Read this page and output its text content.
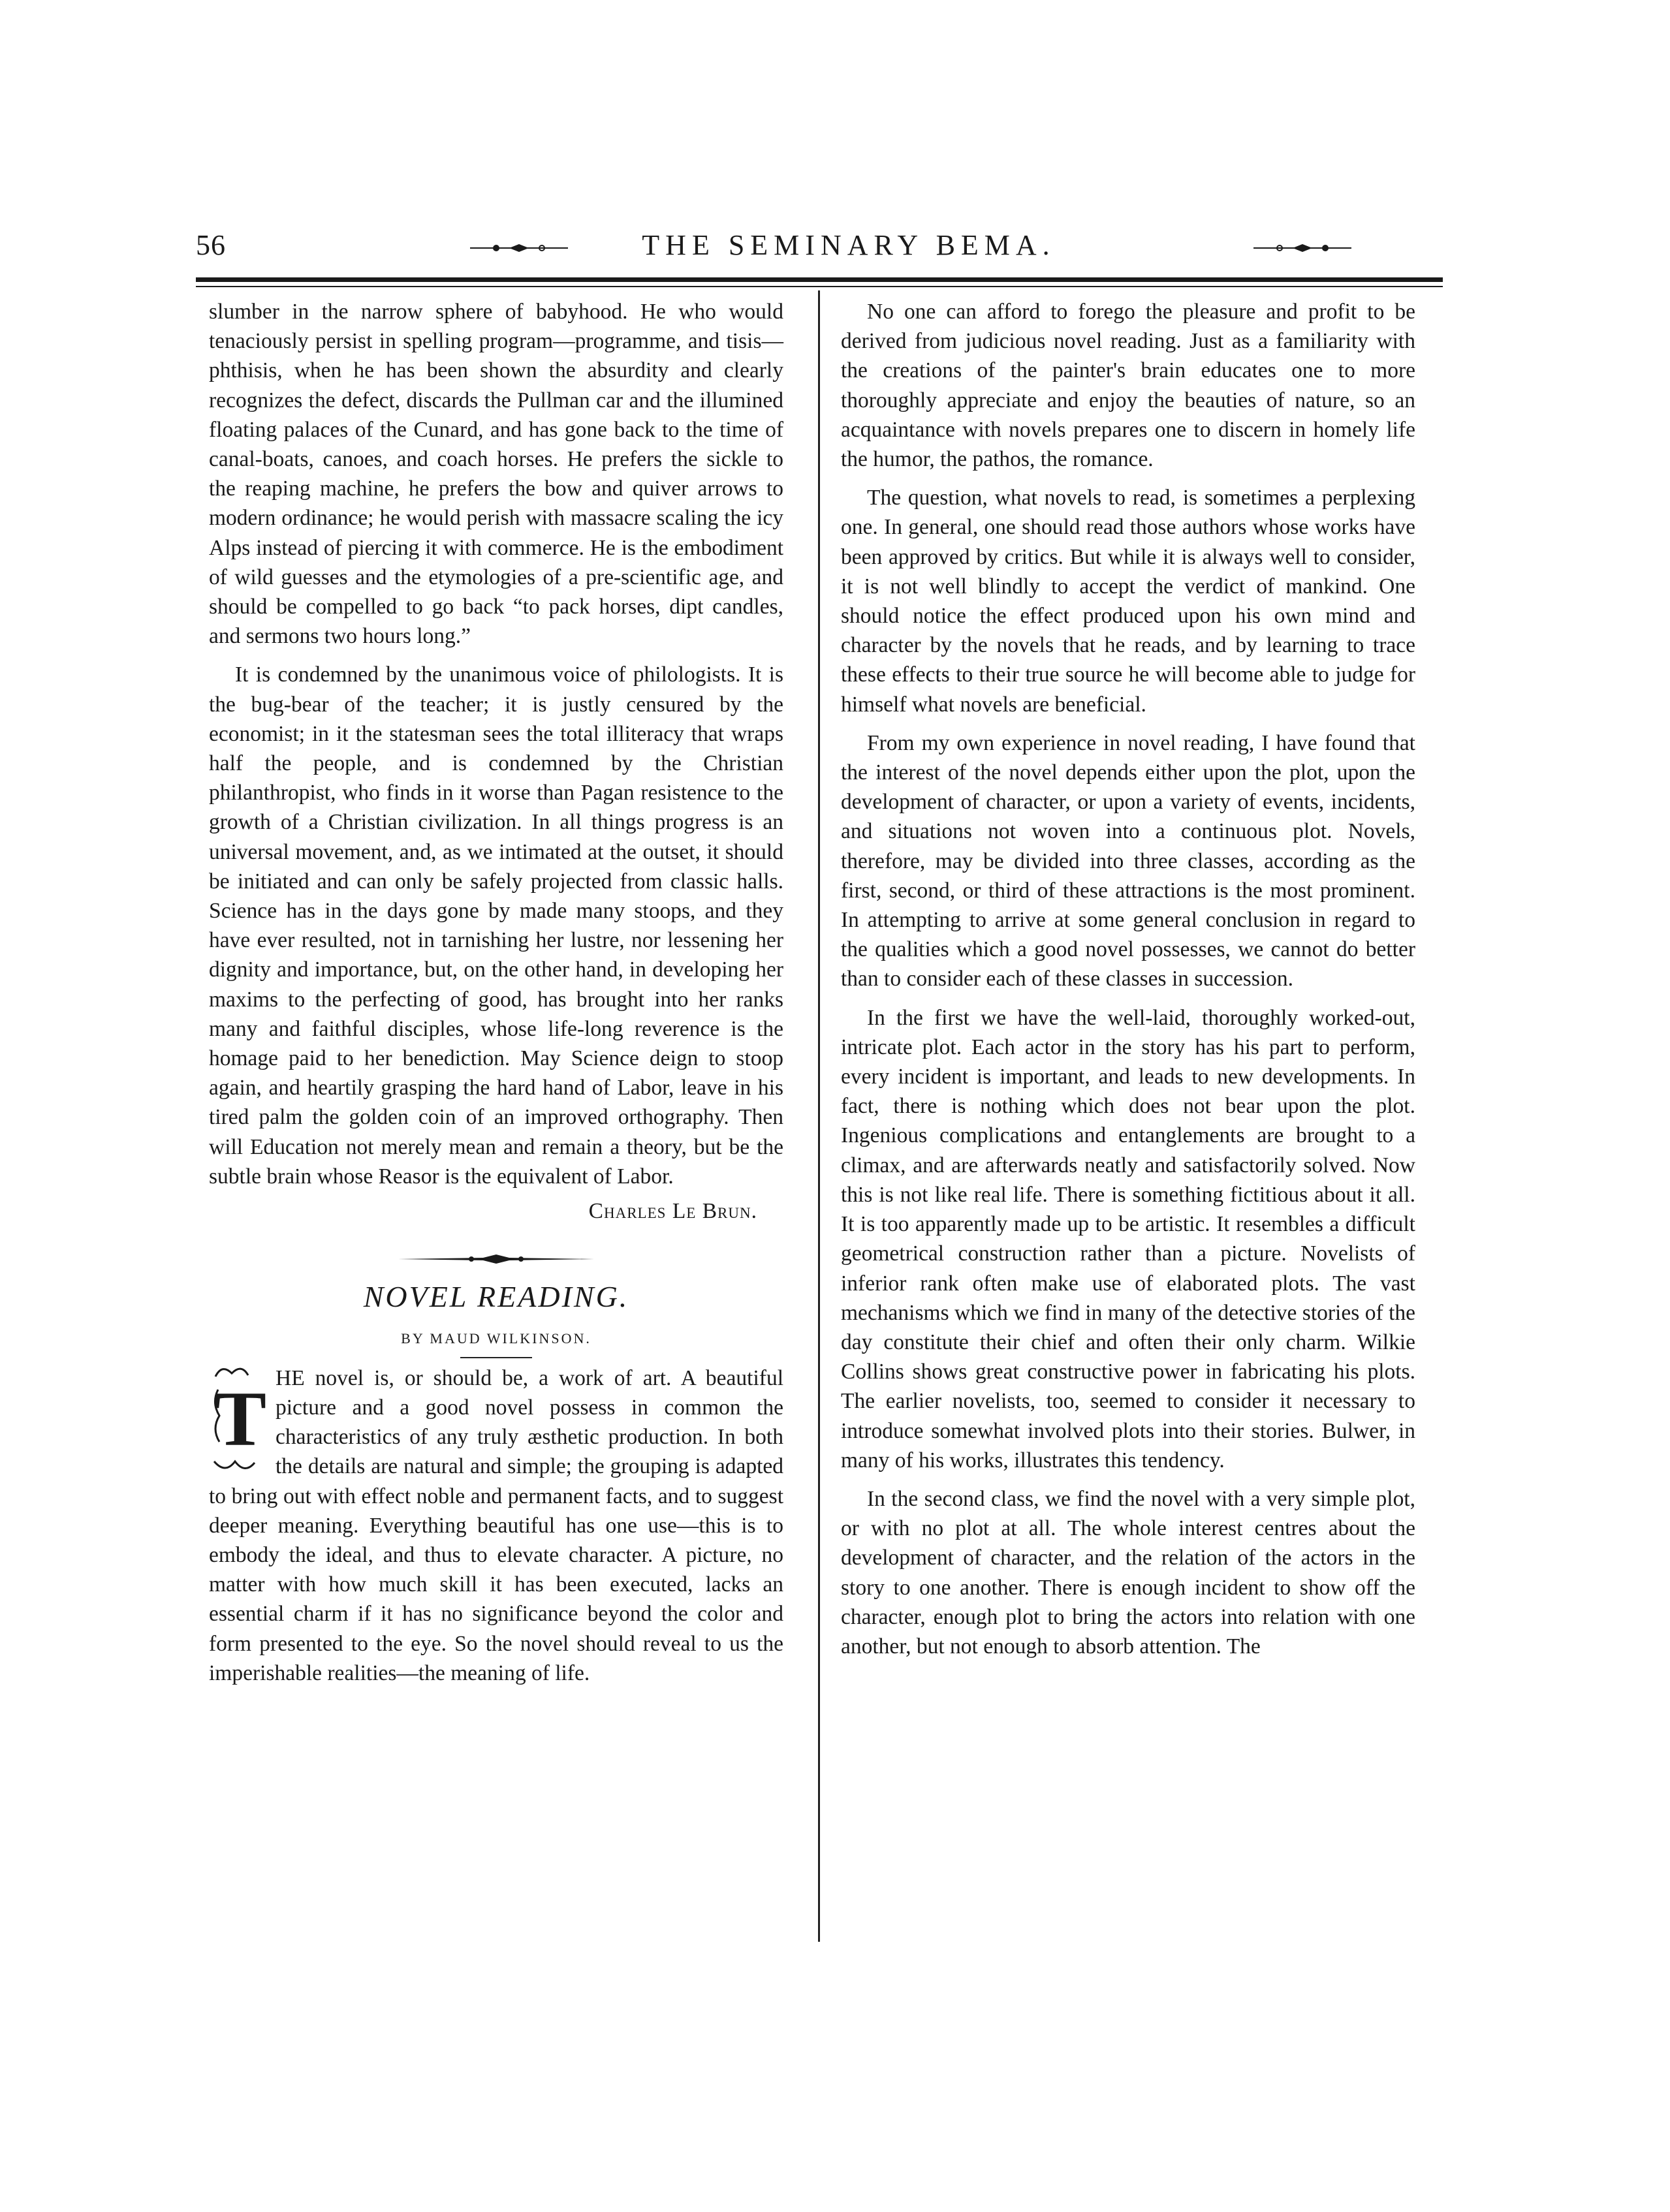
56	THE SEMINARY BEMA.

slumber in the narrow sphere of babyhood. He who would tenaciously persist in spelling program—programme, and tisis—phthisis, when he has been shown the absurdity and clearly recognizes the defect, discards the Pullman car and the illumined floating palaces of the Cunard, and has gone back to the time of canal-boats, canoes, and coach horses. He prefers the sickle to the reaping machine, he prefers the bow and quiver arrows to modern ordinance; he would perish with massacre scaling the icy Alps instead of piercing it with commerce. He is the embodiment of wild guesses and the etymologies of a pre-scientific age, and should be compelled to go back “to pack horses, dipt candles, and sermons two hours long.”

It is condemned by the unanimous voice of philologists. It is the bug-bear of the teacher; it is justly censured by the economist; in it the statesman sees the total illiteracy that wraps half the people, and is condemned by the Christian philanthropist, who finds in it worse than Pagan resistence to the growth of a Christian civilization. In all things progress is an universal movement, and, as we intimated at the outset, it should be initiated and can only be safely projected from classic halls. Science has in the days gone by made many stoops, and they have ever resulted, not in tarnishing her lustre, nor lessening her dignity and importance, but, on the other hand, in developing her maxims to the perfecting of good, has brought into her ranks many and faithful disciples, whose life-long reverence is the homage paid to her benediction. May Science deign to stoop again, and heartily grasping the hard hand of Labor, leave in his tired palm the golden coin of an improved orthography. Then will Education not merely mean and remain a theory, but be the subtle brain whose Reasor is the equivalent of Labor.

Charles Le Brun.
NOVEL READING.
BY MAUD WILKINSON.

T HE novel is, or should be, a work of art. A beautiful picture and a good novel possess in common the characteristics of any truly æsthetic production. In both the details are natural and simple; the grouping is adapted to bring out with effect noble and permanent facts, and to suggest deeper meaning. Everything beautiful has one use—this is to embody the ideal, and thus to elevate character. A picture, no matter with how much skill it has been executed, lacks an essential charm if it has no significance beyond the color and form presented to the eye. So the novel should reveal to us the imperishable realities—the meaning of life.

No one can afford to forego the pleasure and profit to be derived from judicious novel reading. Just as a familiarity with the creations of the painter's brain educates one to more thoroughly appreciate and enjoy the beauties of nature, so an acquaintance with novels prepares one to discern in homely life the humor, the pathos, the romance.

The question, what novels to read, is sometimes a perplexing one. In general, one should read those authors whose works have been approved by critics. But while it is always well to consider, it is not well blindly to accept the verdict of mankind. One should notice the effect produced upon his own mind and character by the novels that he reads, and by learning to trace these effects to their true source he will become able to judge for himself what novels are beneficial.

From my own experience in novel reading, I have found that the interest of the novel depends either upon the plot, upon the development of character, or upon a variety of events, incidents, and situations not woven into a continuous plot. Novels, therefore, may be divided into three classes, according as the first, second, or third of these attractions is the most prominent. In attempting to arrive at some general conclusion in regard to the qualities which a good novel possesses, we cannot do better than to consider each of these classes in succession.

In the first we have the well-laid, thoroughly worked-out, intricate plot. Each actor in the story has his part to perform, every incident is important, and leads to new developments. In fact, there is nothing which does not bear upon the plot. Ingenious complications and entanglements are brought to a climax, and are afterwards neatly and satisfactorily solved. Now this is not like real life. There is something fictitious about it all. It is too apparently made up to be artistic. It resembles a difficult geometrical construction rather than a picture. Novelists of inferior rank often make use of elaborated plots. The vast mechanisms which we find in many of the detective stories of the day constitute their chief and often their only charm. Wilkie Collins shows great constructive power in fabricating his plots. The earlier novelists, too, seemed to consider it necessary to introduce somewhat involved plots into their stories. Bulwer, in many of his works, illustrates this tendency.

In the second class, we find the novel with a very simple plot, or with no plot at all. The whole interest centres about the development of character, and the relation of the actors in the story to one another. There is enough incident to show off the character, enough plot to bring the actors into relation with one another, but not enough to absorb attention. The
